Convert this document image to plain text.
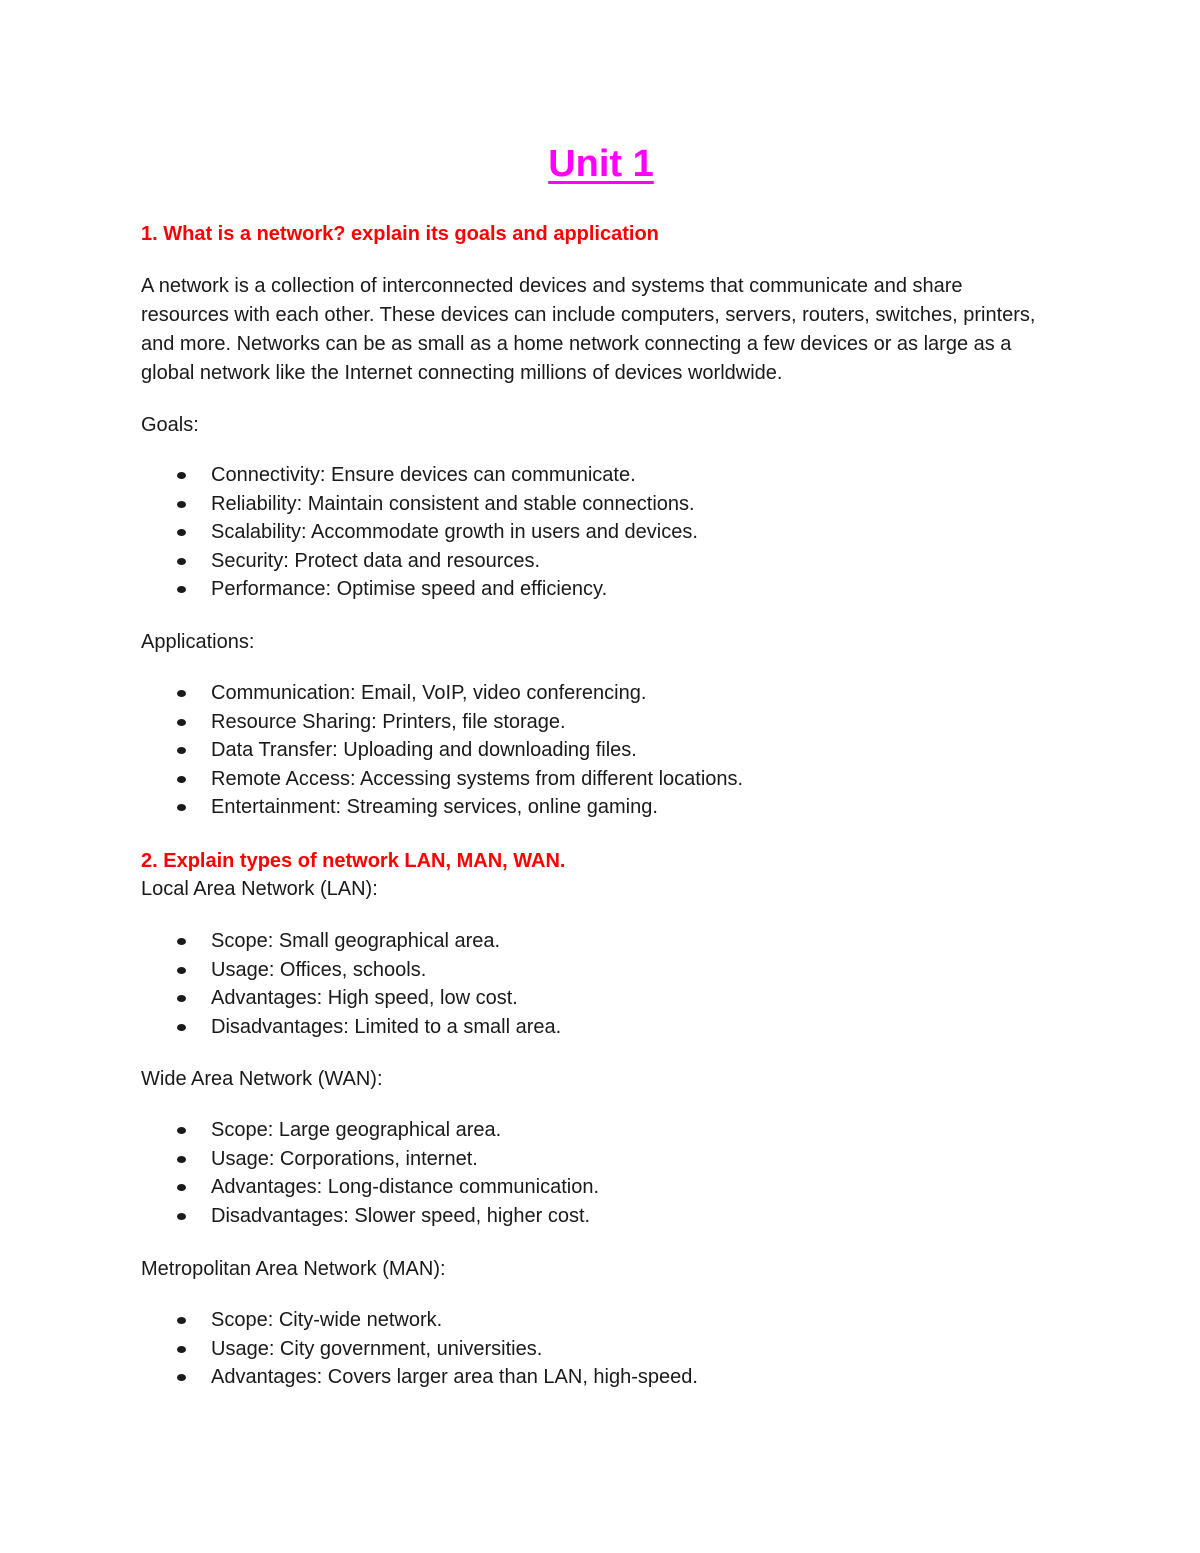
Unit 1

1. What is a network? explain its goals and application

A network is a collection of interconnected devices and systems that communicate and share resources with each other. These devices can include computers, servers, routers, switches, printers, and more. Networks can be as small as a home network connecting a few devices or as large as a global network like the Internet connecting millions of devices worldwide.

Goals:

Connectivity: Ensure devices can communicate.
Reliability: Maintain consistent and stable connections.
Scalability: Accommodate growth in users and devices.
Security: Protect data and resources.
Performance: Optimise speed and efficiency.

Applications:

Communication: Email, VoIP, video conferencing.
Resource Sharing: Printers, file storage.
Data Transfer: Uploading and downloading files.
Remote Access: Accessing systems from different locations.
Entertainment: Streaming services, online gaming.

2. Explain types of network LAN, MAN, WAN.

Local Area Network (LAN):

Scope: Small geographical area.
Usage: Offices, schools.
Advantages: High speed, low cost.
Disadvantages: Limited to a small area.

Wide Area Network (WAN):

Scope: Large geographical area.
Usage: Corporations, internet.
Advantages: Long-distance communication.
Disadvantages: Slower speed, higher cost.

Metropolitan Area Network (MAN):

Scope: City-wide network.
Usage: City government, universities.
Advantages: Covers larger area than LAN, high-speed.
